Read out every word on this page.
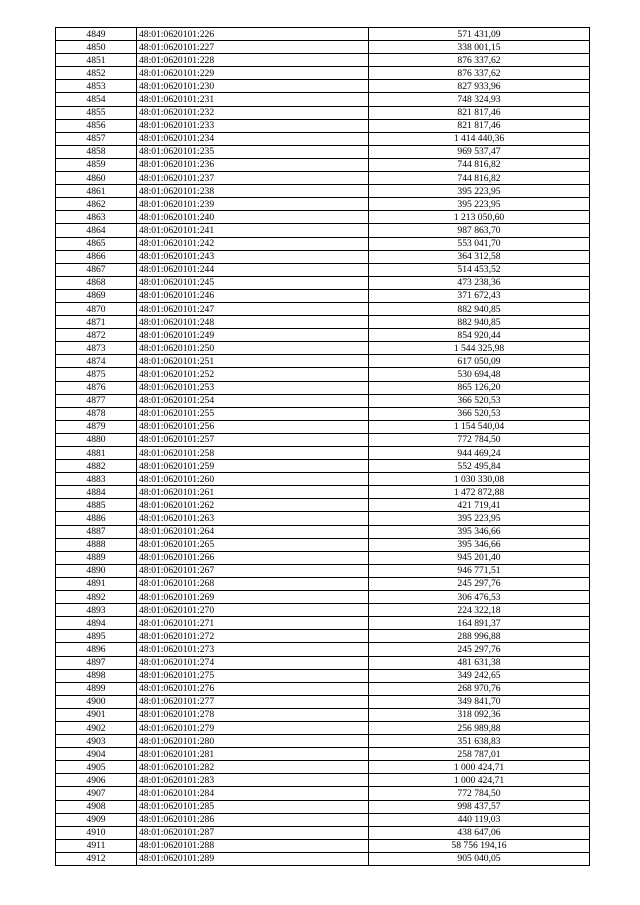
4849	48:01:0620101:226	571 431,09
4850	48:01:0620101:227	338 001,15
4851	48:01:0620101:228	876 337,62
4852	48:01:0620101:229	876 337,62
4853	48:01:0620101:230	827 933,96
4854	48:01:0620101:231	748 324,93
4855	48:01:0620101:232	821 817,46
4856	48:01:0620101:233	821 817,46
4857	48:01:0620101:234	1 414 440,36
4858	48:01:0620101:235	969 537,47
4859	48:01:0620101:236	744 816,82
4860	48:01:0620101:237	744 816,82
4861	48:01:0620101:238	395 223,95
4862	48:01:0620101:239	395 223,95
4863	48:01:0620101:240	1 213 050,60
4864	48:01:0620101:241	987 863,70
4865	48:01:0620101:242	553 041,70
4866	48:01:0620101:243	364 312,58
4867	48:01:0620101:244	514 453,52
4868	48:01:0620101:245	473 238,36
4869	48:01:0620101:246	371 672,43
4870	48:01:0620101:247	882 940,85
4871	48:01:0620101:248	882 940,85
4872	48:01:0620101:249	854 920,44
4873	48:01:0620101:250	1 544 325,98
4874	48:01:0620101:251	617 050,09
4875	48:01:0620101:252	530 694,48
4876	48:01:0620101:253	865 126,20
4877	48:01:0620101:254	366 520,53
4878	48:01:0620101:255	366 520,53
4879	48:01:0620101:256	1 154 540,04
4880	48:01:0620101:257	772 784,50
4881	48:01:0620101:258	944 469,24
4882	48:01:0620101:259	552 495,84
4883	48:01:0620101:260	1 030 330,08
4884	48:01:0620101:261	1 472 872,88
4885	48:01:0620101:262	421 719,41
4886	48:01:0620101:263	395 223,95
4887	48:01:0620101:264	395 346,66
4888	48:01:0620101:265	395 346,66
4889	48:01:0620101:266	945 201,40
4890	48:01:0620101:267	946 771,51
4891	48:01:0620101:268	245 297,76
4892	48:01:0620101:269	306 476,53
4893	48:01:0620101:270	224 322,18
4894	48:01:0620101:271	164 891,37
4895	48:01:0620101:272	288 996,88
4896	48:01:0620101:273	245 297,76
4897	48:01:0620101:274	481 631,38
4898	48:01:0620101:275	349 242,65
4899	48:01:0620101:276	268 970,76
4900	48:01:0620101:277	349 841,70
4901	48:01:0620101:278	318 092,36
4902	48:01:0620101:279	256 989,88
4903	48:01:0620101:280	351 638,83
4904	48:01:0620101:281	258 787,01
4905	48:01:0620101:282	1 000 424,71
4906	48:01:0620101:283	1 000 424,71
4907	48:01:0620101:284	772 784,50
4908	48:01:0620101:285	998 437,57
4909	48:01:0620101:286	440 119,03
4910	48:01:0620101:287	438 647,06
4911	48:01:0620101:288	58 756 194,16
4912	48:01:0620101:289	905 040,05
